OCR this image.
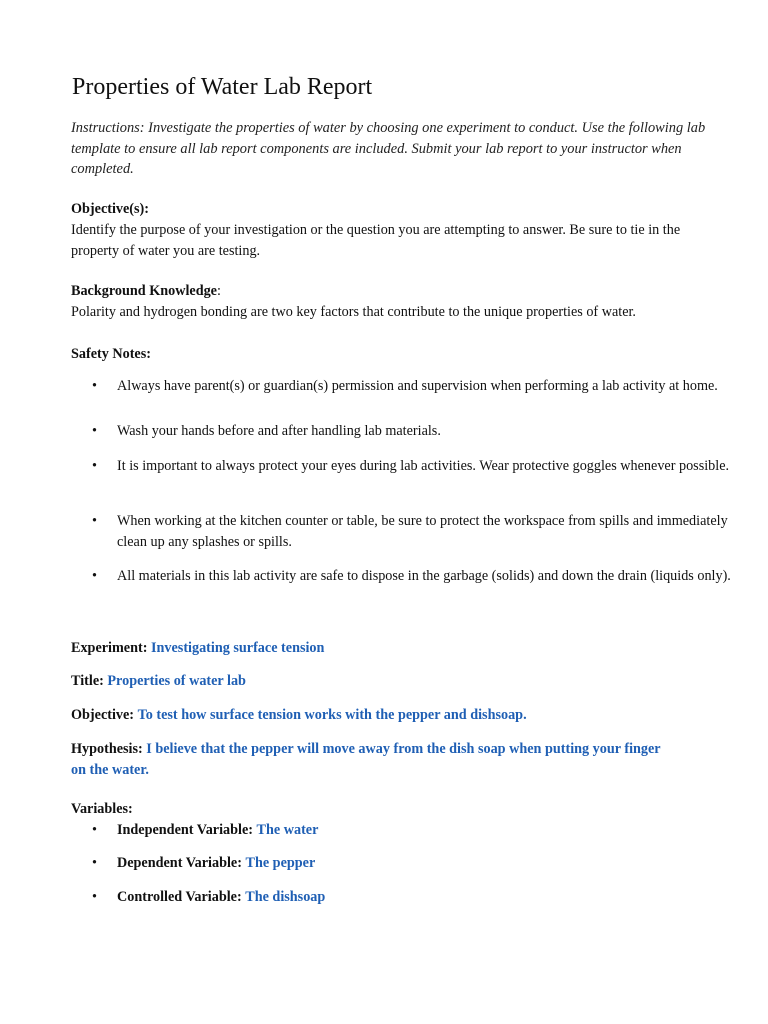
Properties of Water Lab Report
Instructions: Investigate the properties of water by choosing one experiment to conduct. Use the following lab template to ensure all lab report components are included. Submit your lab report to your instructor when completed.
Objective(s):
Identify the purpose of your investigation or the question you are attempting to answer. Be sure to tie in the property of water you are testing.
Background Knowledge:
Polarity and hydrogen bonding are two key factors that contribute to the unique properties of water.
Safety Notes:
• Always have parent(s) or guardian(s) permission and supervision when performing a lab activity at home.
• Wash your hands before and after handling lab materials.
• It is important to always protect your eyes during lab activities. Wear protective goggles whenever possible.
• When working at the kitchen counter or table, be sure to protect the workspace from spills and immediately clean up any splashes or spills.
• All materials in this lab activity are safe to dispose in the garbage (solids) and down the drain (liquids only).
Experiment: Investigating surface tension
Title: Properties of water lab
Objective: To test how surface tension works with the pepper and dishsoap.
Hypothesis: I believe that the pepper will move away from the dish soap when putting your finger on the water.
Variables:
• Independent Variable: The water
• Dependent Variable: The pepper
• Controlled Variable: The dishsoap
